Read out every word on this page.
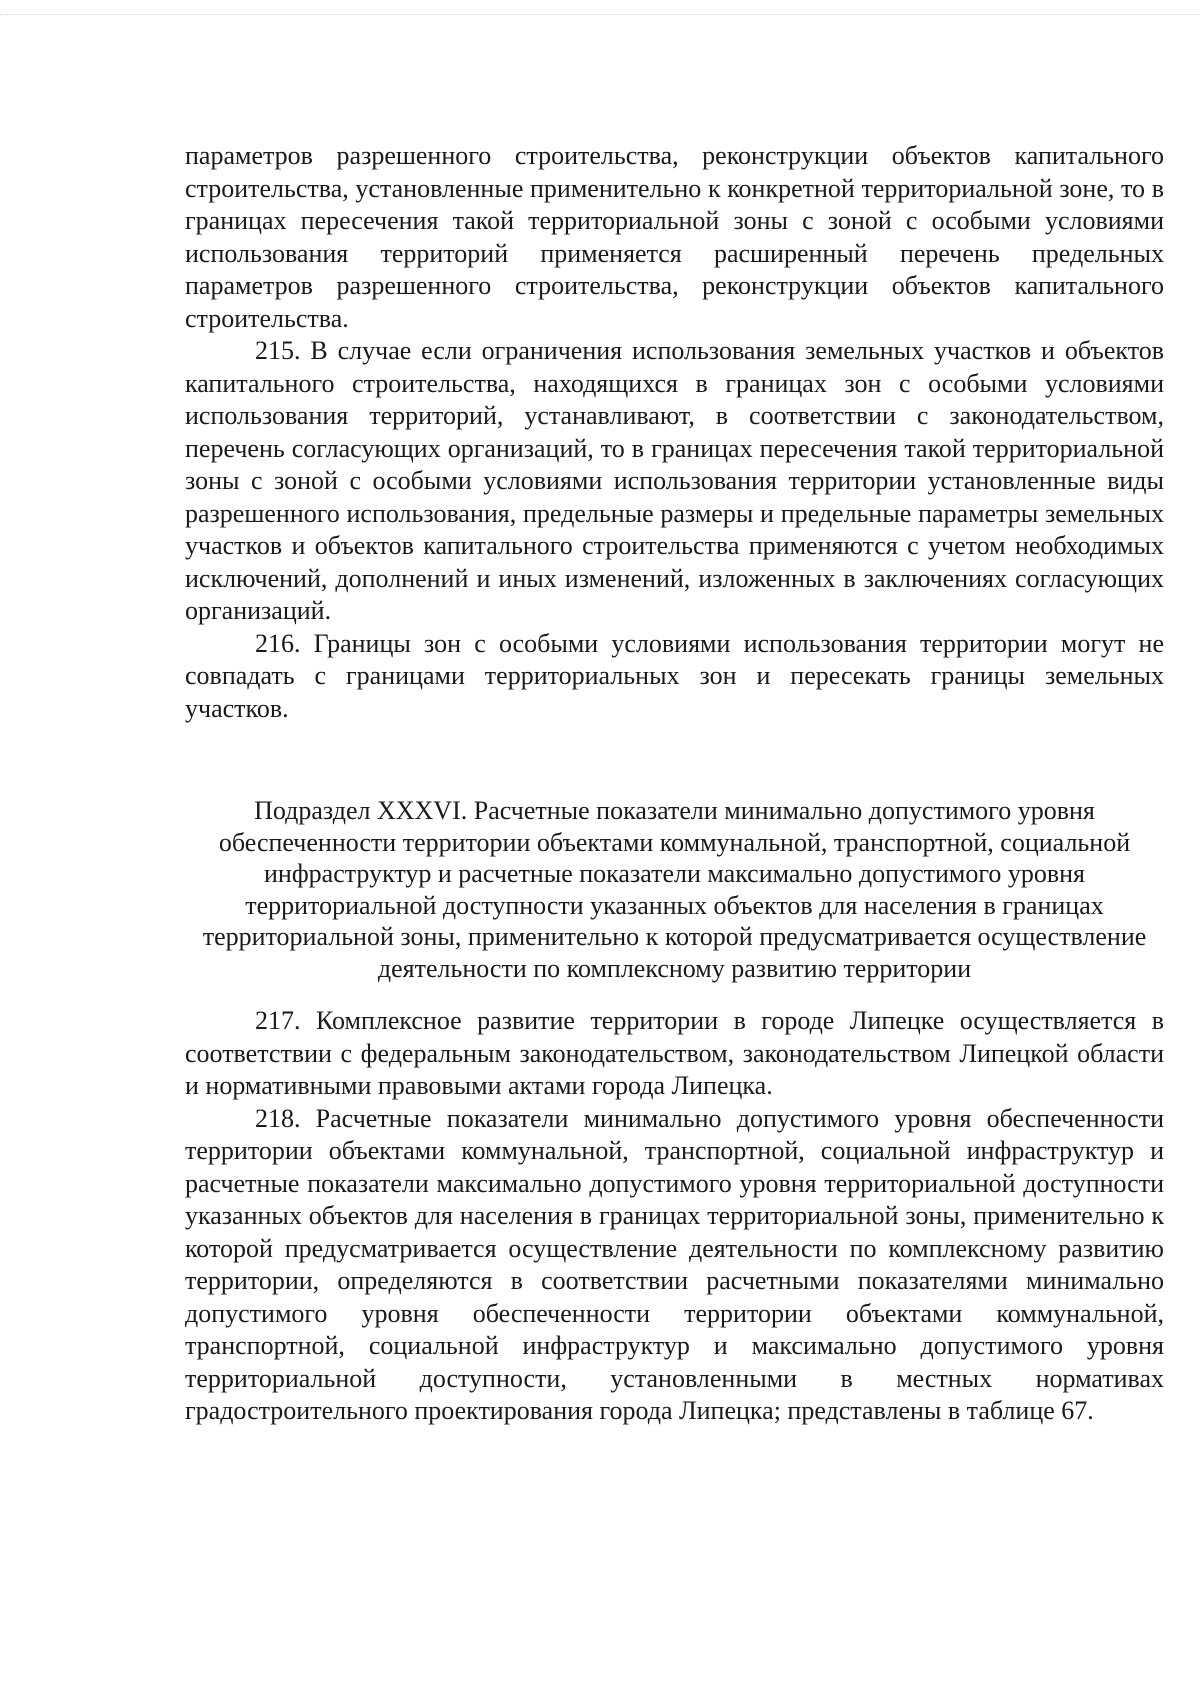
параметров разрешенного строительства, реконструкции объектов капитального строительства, установленные применительно к конкретной территориальной зоне, то в границах пересечения такой территориальной зоны с зоной с особыми условиями использования территорий применяется расширенный перечень предельных параметров разрешенного строительства, реконструкции объектов капитального строительства.

215. В случае если ограничения использования земельных участков и объектов капитального строительства, находящихся в границах зон с особыми условиями использования территорий, устанавливают, в соответствии с законодательством, перечень согласующих организаций, то в границах пересечения такой территориальной зоны с зоной с особыми условиями использования территории установленные виды разрешенного использования, предельные размеры и предельные параметры земельных участков и объектов капитального строительства применяются с учетом необходимых исключений, дополнений и иных изменений, изложенных в заключениях согласующих организаций.

216. Границы зон с особыми условиями использования территории могут не совпадать с границами территориальных зон и пересекать границы земельных участков.

Подраздел XXXVI. Расчетные показатели минимально допустимого уровня обеспеченности территории объектами коммунальной, транспортной, социальной инфраструктур и расчетные показатели максимально допустимого уровня территориальной доступности указанных объектов для населения в границах территориальной зоны, применительно к которой предусматривается осуществление деятельности по комплексному развитию территории

217. Комплексное развитие территории в городе Липецке осуществляется в соответствии с федеральным законодательством, законодательством Липецкой области и нормативными правовыми актами города Липецка.

218. Расчетные показатели минимально допустимого уровня обеспеченности территории объектами коммунальной, транспортной, социальной инфраструктур и расчетные показатели максимально допустимого уровня территориальной доступности указанных объектов для населения в границах территориальной зоны, применительно к которой предусматривается осуществление деятельности по комплексному развитию территории, определяются в соответствии расчетными показателями минимально допустимого уровня обеспеченности территории объектами коммунальной, транспортной, социальной инфраструктур и максимально допустимого уровня территориальной доступности, установленными в местных нормативах градостроительного проектирования города Липецка; представлены в таблице 67.
